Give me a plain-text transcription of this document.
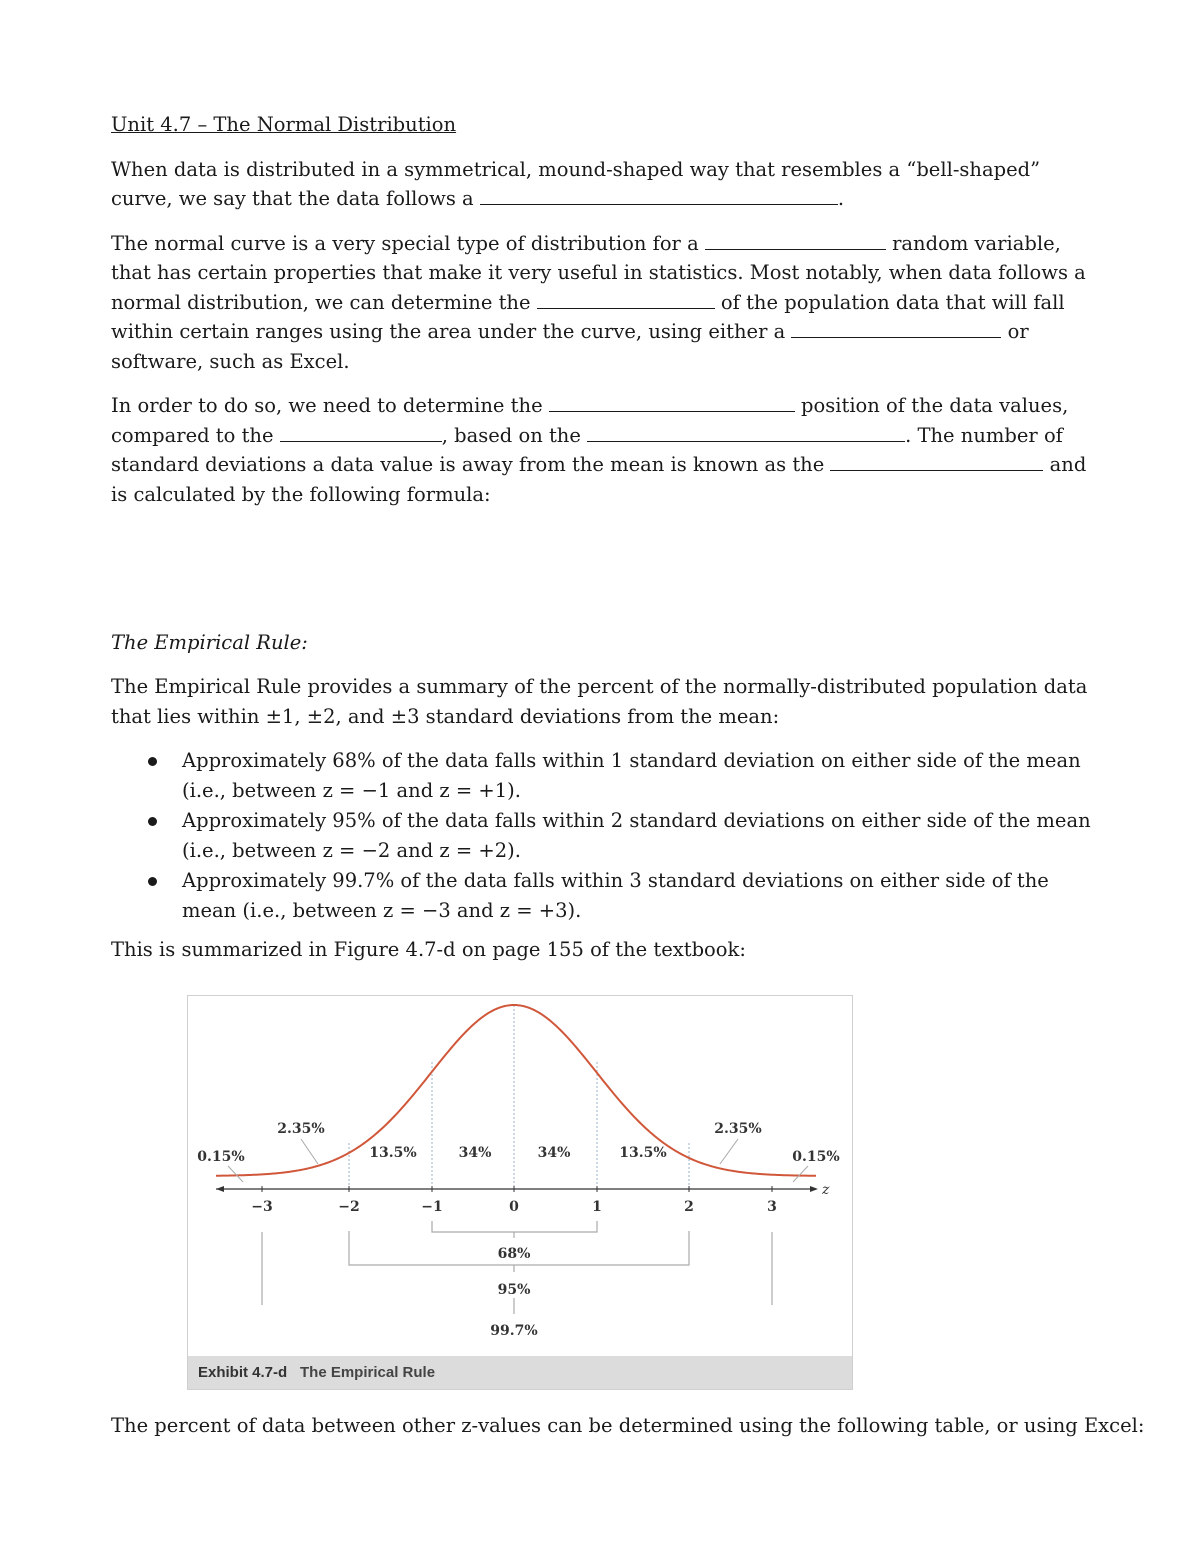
Unit 4.7 – The Normal Distribution

When data is distributed in a symmetrical, mound-shaped way that resembles a “bell-shaped” curve, we say that the data follows a	.

The normal curve is a very special type of distribution for a	random variable, that has certain properties that make it very useful in statistics. Most notably, when data follows a normal distribution, we can determine the	of the population data that will fall within certain ranges using the area under the curve, using either a	or software, such as Excel.

In order to do so, we need to determine the	position of the data values, compared to the	, based on the	. The number of standard deviations a data value is away from the mean is known as the	and is calculated by the following formula:

The Empirical Rule:

The Empirical Rule provides a summary of the percent of the normally-distributed population data that lies within ±1, ±2, and ±3 standard deviations from the mean:

Approximately 68% of the data falls within 1 standard deviation on either side of the mean (i.e., between z = −1 and z = +1).
Approximately 95% of the data falls within 2 standard deviations on either side of the mean (i.e., between z = −2 and z = +2).
Approximately 99.7% of the data falls within 3 standard deviations on either side of the mean (i.e., between z = −3 and z = +3).

This is summarized in Figure 4.7-d on page 155 of the textbook:

z
−3	−2	−1	0	1	2	3
0.15%
2.35%
13.5%	34%	34%	13.5%
2.35%
0.15%
68%
95%
99.7%
Exhibit 4.7-d The Empirical Rule
The percent of data between other z-values can be determined using the following table, or using Excel:
